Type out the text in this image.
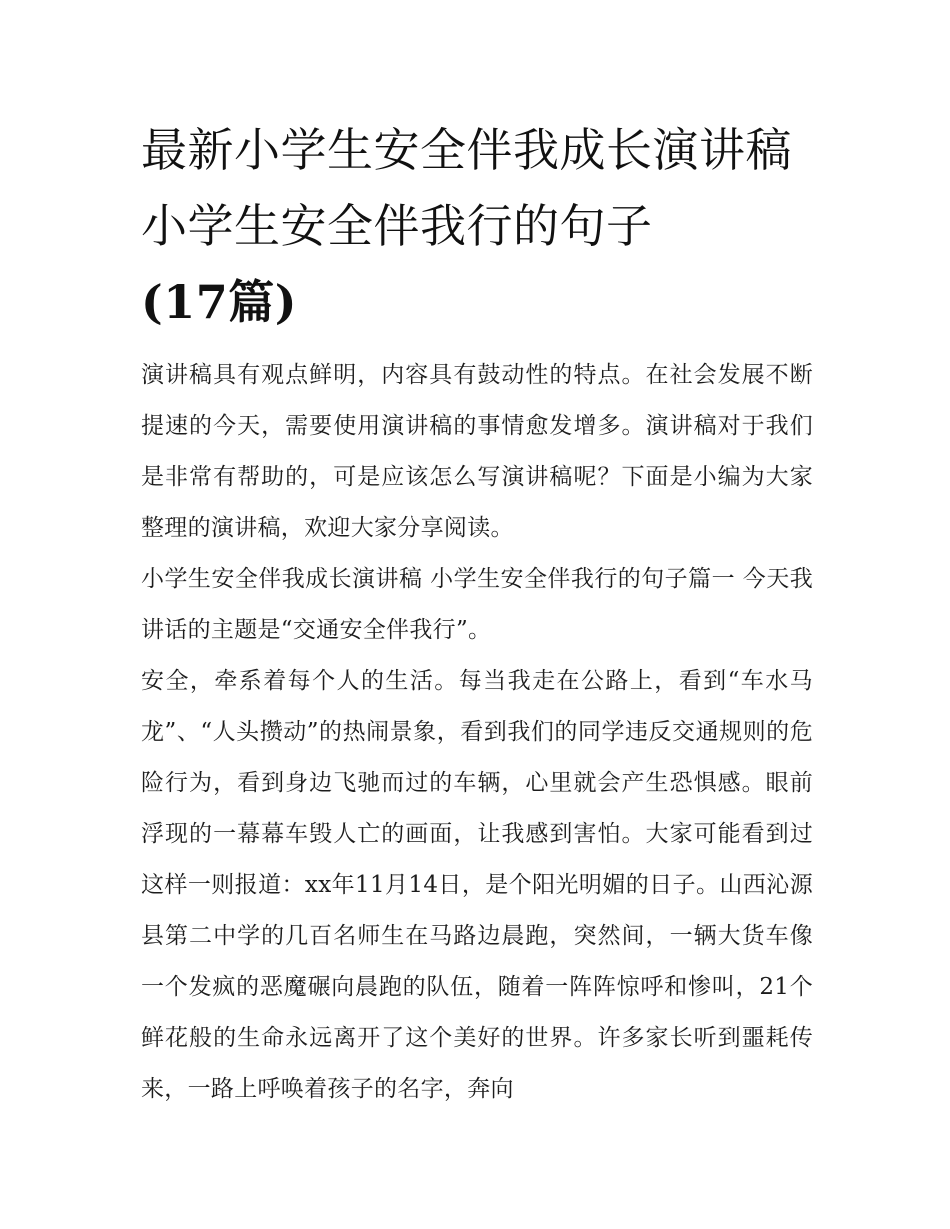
最新小学生安全伴我成长演讲稿 小学生安全伴我行的句子
(17篇)

演讲稿具有观点鲜明，内容具有鼓动性的特点。在社会发展不断提速的今天，需要使用演讲稿的事情愈发增多。演讲稿对于我们是非常有帮助的，可是应该怎么写演讲稿呢？下面是小编为大家整理的演讲稿，欢迎大家分享阅读。

小学生安全伴我成长演讲稿 小学生安全伴我行的句子篇一 今天我讲话的主题是“交通安全伴我行”。

安全，牵系着每个人的生活。每当我走在公路上，看到“车水马龙”、“人头攒动”的热闹景象，看到我们的同学违反交通规则的危险行为，看到身边飞驰而过的车辆，心里就会产生恐惧感。眼前浮现的一幕幕车毁人亡的画面，让我感到害怕。大家可能看到过这样一则报道：xx年11月14日，是个阳光明媚的日子。山西沁源县第二中学的几百名师生在马路边晨跑，突然间，一辆大货车像一个发疯的恶魔碾向晨跑的队伍，随着一阵阵惊呼和惨叫，21个鲜花般的生命永远离开了这个美好的世界。许多家长听到噩耗传来，一路上呼唤着孩子的名字，奔向
